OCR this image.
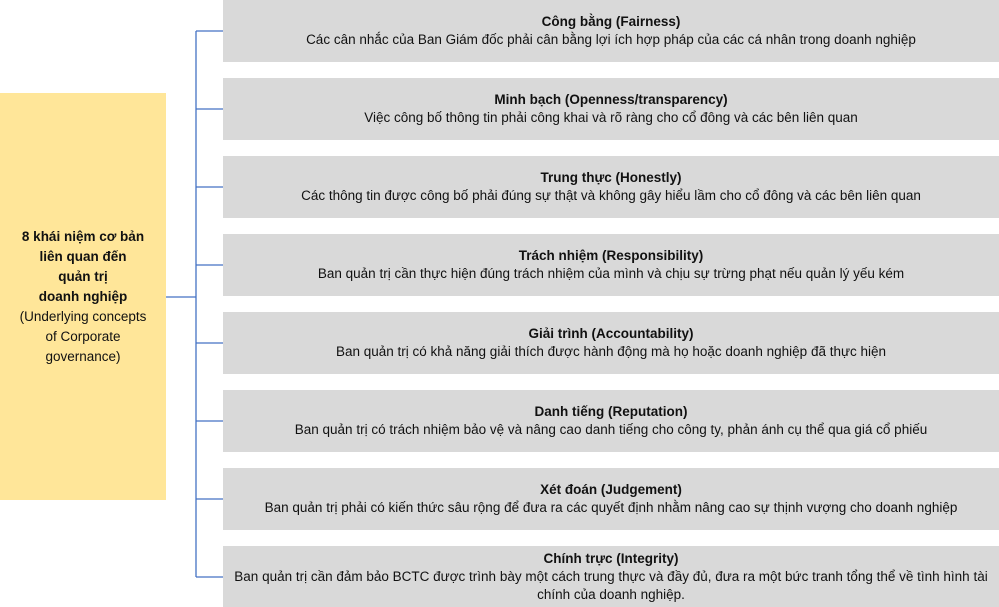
8 khái niệm cơ bản
liên quan đến
quản trị
doanh nghiệp
(Underlying concepts
of Corporate
governance)
Công bằng (Fairness)
Các cân nhắc của Ban Giám đốc phải cân bằng lợi ích hợp pháp của các cá nhân trong doanh nghiệp
Minh bạch (Openness/transparency)
Việc công bố thông tin phải công khai và rõ ràng cho cổ đông và các bên liên quan
Trung thực (Honestly)
Các thông tin được công bố phải đúng sự thật và không gây hiểu lầm cho cổ đông và các bên liên quan
Trách nhiệm (Responsibility)
Ban quản trị cần thực hiện đúng trách nhiệm của mình và chịu sự trừng phạt nếu quản lý yếu kém
Giải trình (Accountability)
Ban quản trị có khả năng giải thích được hành động mà họ hoặc doanh nghiệp đã thực hiện
Danh tiếng (Reputation)
Ban quản trị có trách nhiệm bảo vệ và nâng cao danh tiếng cho công ty, phản ánh cụ thể qua giá cổ phiếu
Xét đoán (Judgement)
Ban quản trị phải có kiến thức sâu rộng để đưa ra các quyết định nhằm nâng cao sự thịnh vượng cho doanh nghiệp
Chính trực (Integrity)
Ban quản trị cần đảm bảo BCTC được trình bày một cách trung thực và đầy đủ, đưa ra một bức tranh tổng thể về tình hình tài chính của doanh nghiệp.
